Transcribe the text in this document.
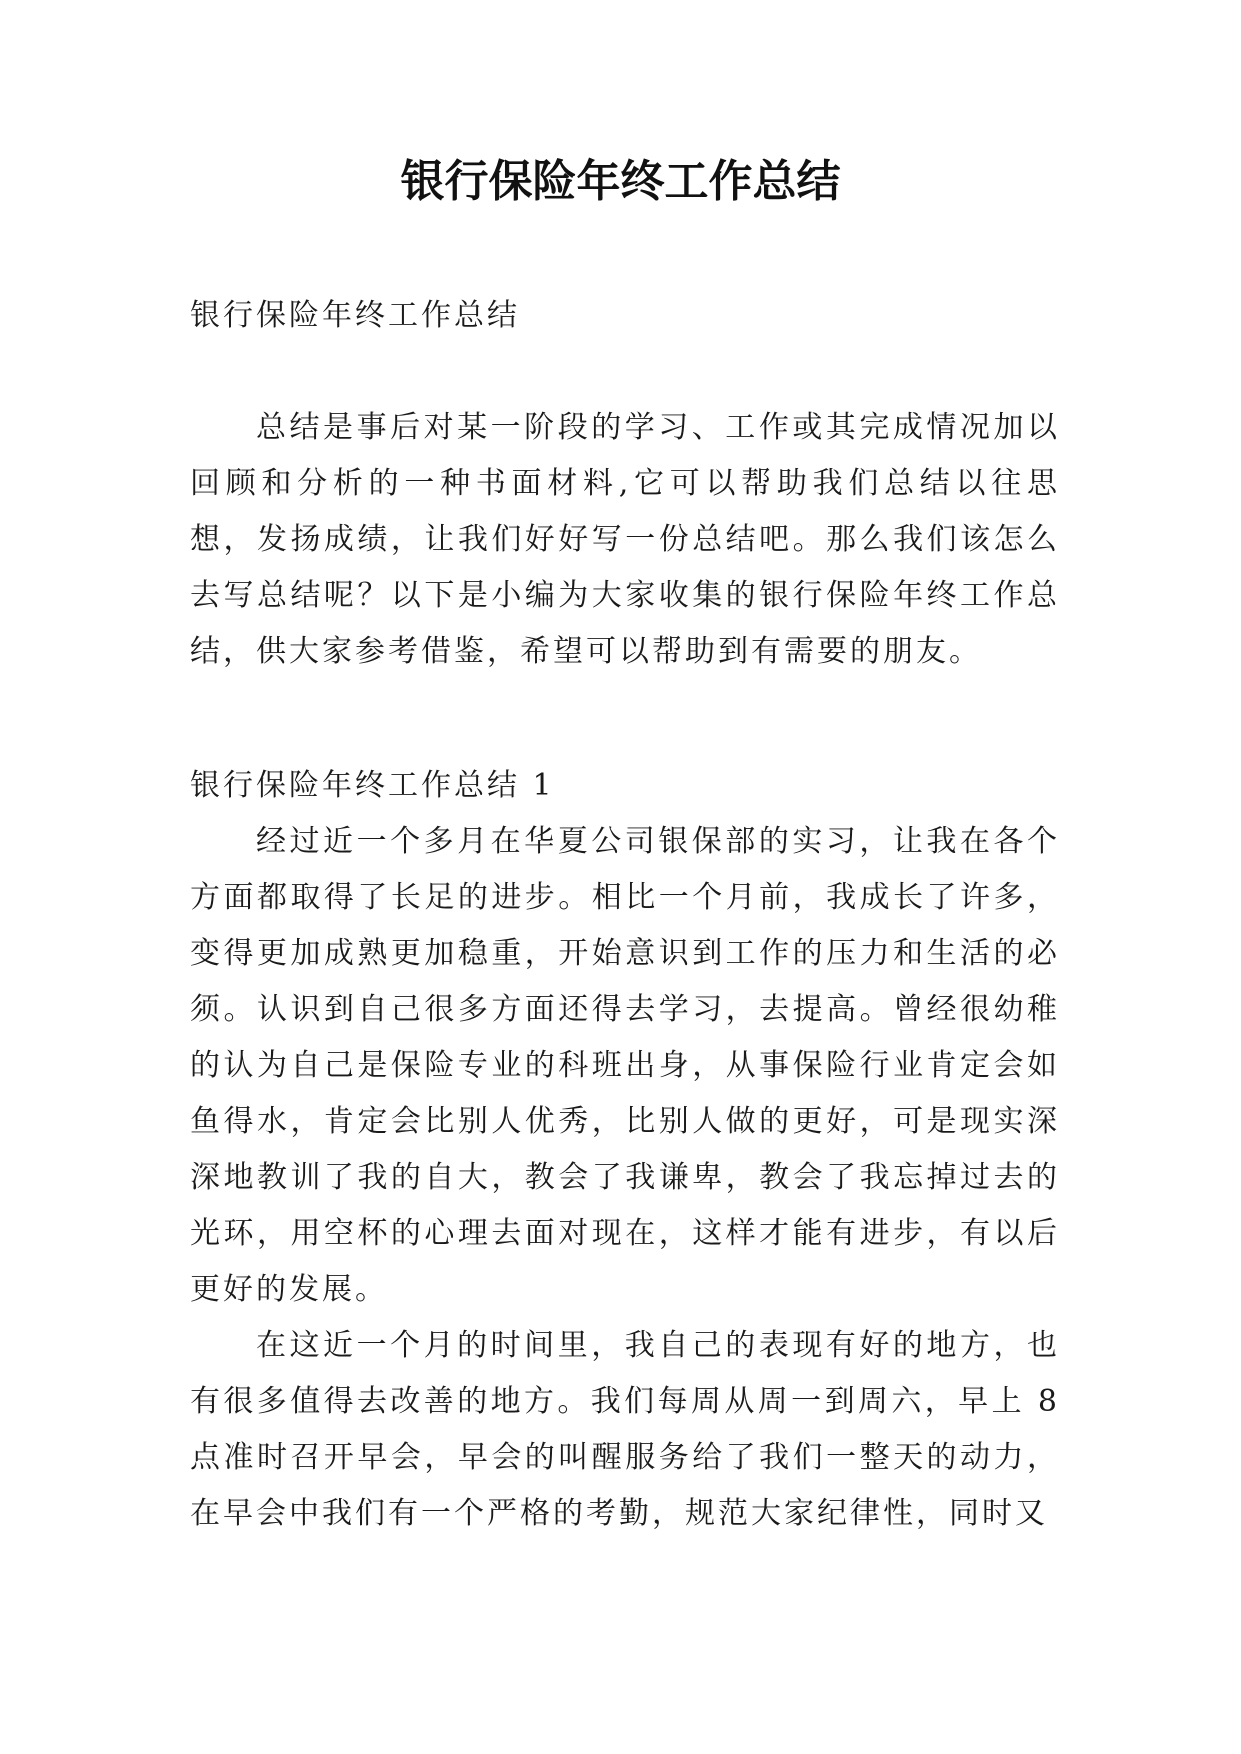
银行保险年终工作总结

银行保险年终工作总结

总结是事后对某一阶段的学习、工作或其完成情况加以回顾和分析的一种书面材料,它可以帮助我们总结以往思想，发扬成绩，让我们好好写一份总结吧。那么我们该怎么去写总结呢？以下是小编为大家收集的银行保险年终工作总结，供大家参考借鉴，希望可以帮助到有需要的朋友。

银行保险年终工作总结 1

经过近一个多月在华夏公司银保部的实习，让我在各个方面都取得了长足的进步。相比一个月前，我成长了许多，变得更加成熟更加稳重，开始意识到工作的压力和生活的必须。认识到自己很多方面还得去学习，去提高。曾经很幼稚的认为自己是保险专业的科班出身，从事保险行业肯定会如鱼得水，肯定会比别人优秀，比别人做的更好，可是现实深深地教训了我的自大，教会了我谦卑，教会了我忘掉过去的光环，用空杯的心理去面对现在，这样才能有进步，有以后更好的发展。

在这近一个月的时间里，我自己的表现有好的地方，也有很多值得去改善的地方。我们每周从周一到周六，早上 8点准时召开早会，早会的叫醒服务给了我们一整天的动力，在早会中我们有一个严格的考勤，规范大家纪律性，同时又
